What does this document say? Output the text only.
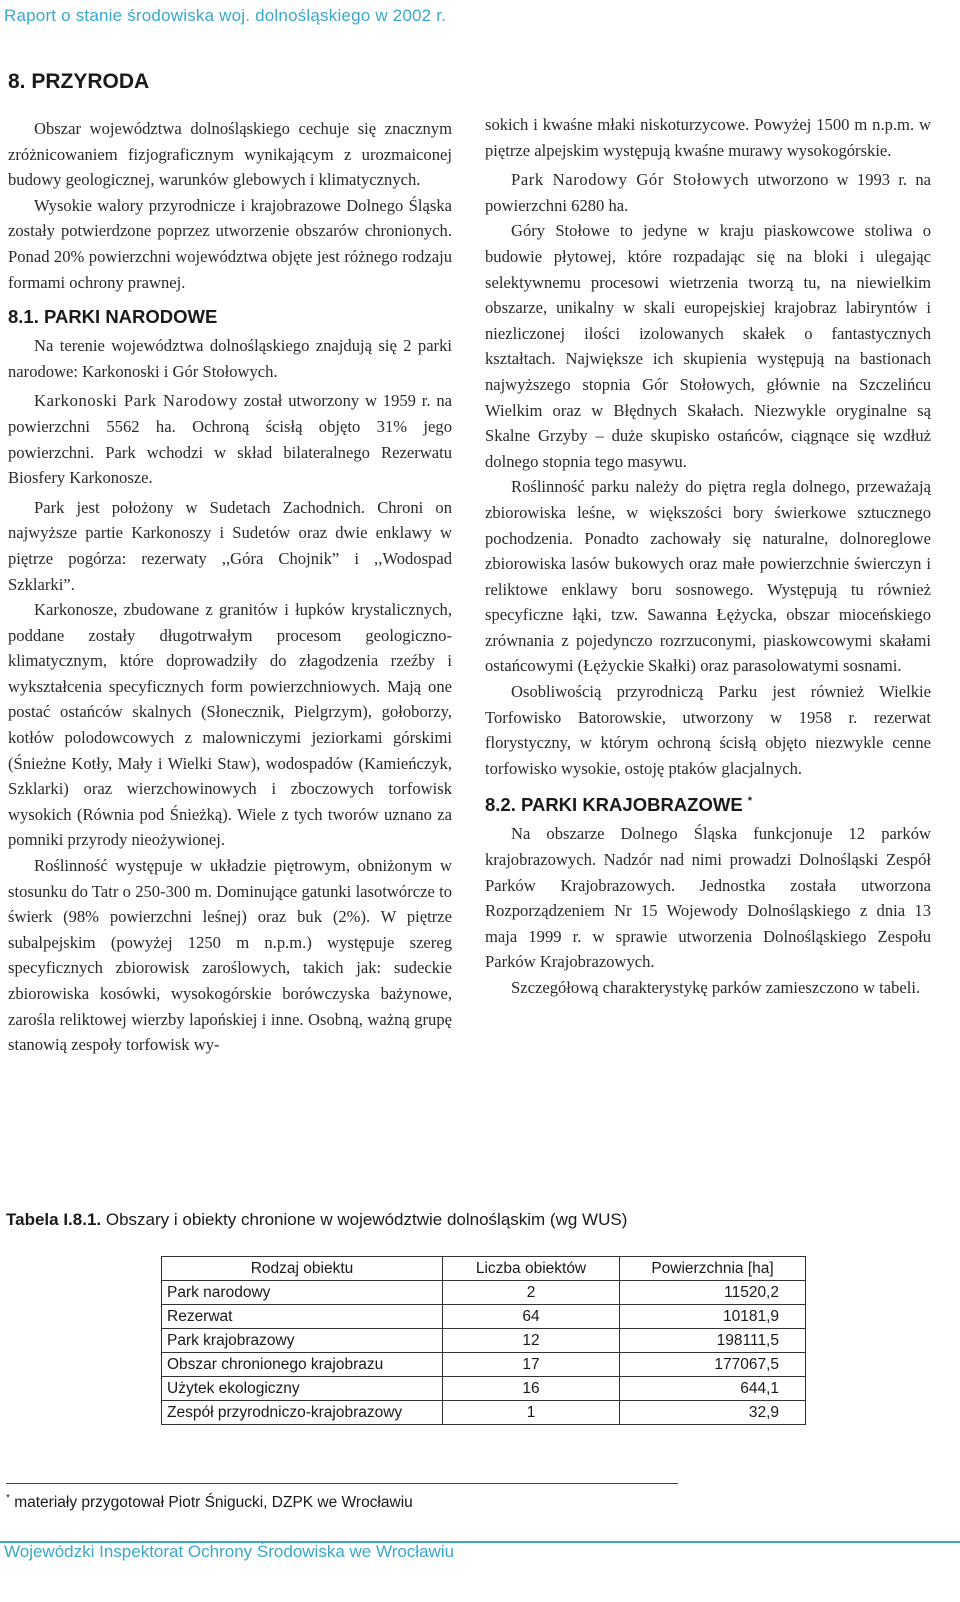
Raport o stanie środowiska woj. dolnośląskiego w 2002 r.
8. PRZYRODA

Obszar województwa dolnośląskiego cechuje się znacznym zróżnicowaniem fizjograficznym wynikającym z urozmaiconej budowy geologicznej, warunków glebowych i klimatycznych.

Wysokie walory przyrodnicze i krajobrazowe Dolnego Śląska zostały potwierdzone poprzez utworzenie obszarów chronionych. Ponad 20% powierzchni województwa objęte jest różnego rodzaju formami ochrony prawnej.

8.1. PARKI NARODOWE

Na terenie województwa dolnośląskiego znajdują się 2 parki narodowe: Karkonoski i Gór Stołowych.

Karkonoski Park Narodowy został utworzony w 1959 r. na powierzchni 5562 ha. Ochroną ścisłą objęto 31% jego powierzchni. Park wchodzi w skład bilateralnego Rezerwatu Biosfery Karkonosze.

Park jest położony w Sudetach Zachodnich. Chroni on najwyższe partie Karkonoszy i Sudetów oraz dwie enklawy w piętrze pogórza: rezerwaty ,,Góra Chojnik” i ,,Wodospad Szklarki”.

Karkonosze, zbudowane z granitów i łupków krystalicznych, poddane zostały długotrwałym procesom geologiczno-klimatycznym, które doprowadziły do złagodzenia rzeźby i wykształcenia specyficznych form powierzchniowych. Mają one postać ostańców skalnych (Słonecznik, Pielgrzym), gołoborzy, kotłów polodowcowych z malowniczymi jeziorkami górskimi (Śnieżne Kotły, Mały i Wielki Staw), wodospadów (Kamieńczyk, Szklarki) oraz wierzchowinowych i zboczowych torfowisk wysokich (Równia pod Śnieżką). Wiele z tych tworów uznano za pomniki przyrody nieożywionej.

Roślinność występuje w układzie piętrowym, obniżonym w stosunku do Tatr o 250-300 m. Dominujące gatunki lasotwórcze to świerk (98% powierzchni leśnej) oraz buk (2%). W piętrze subalpejskim (powyżej 1250 m n.p.m.) występuje szereg specyficznych zbiorowisk zaroślowych, takich jak: sudeckie zbiorowiska kosówki, wysokogórskie borówczyska bażynowe, zarośla reliktowej wierzby lapońskiej i inne. Osobną, ważną grupę stanowią zespoły torfowisk wy-

sokich i kwaśne młaki niskoturzycowe. Powyżej 1500 m n.p.m. w piętrze alpejskim występują kwaśne murawy wysokogórskie.

Park Narodowy Gór Stołowych utworzono w 1993 r. na powierzchni 6280 ha.

Góry Stołowe to jedyne w kraju piaskowcowe stoliwa o budowie płytowej, które rozpadając się na bloki i ulegając selektywnemu procesowi wietrzenia tworzą tu, na niewielkim obszarze, unikalny w skali europejskiej krajobraz labiryntów i niezliczonej ilości izolowanych skałek o fantastycznych kształtach. Największe ich skupienia występują na bastionach najwyższego stopnia Gór Stołowych, głównie na Szczelińcu Wielkim oraz w Błędnych Skałach. Niezwykle oryginalne są Skalne Grzyby – duże skupisko ostańców, ciągnące się wzdłuż dolnego stopnia tego masywu.

Roślinność parku należy do piętra regla dolnego, przeważają zbiorowiska leśne, w większości bory świerkowe sztucznego pochodzenia. Ponadto zachowały się naturalne, dolnoreglowe zbiorowiska lasów bukowych oraz małe powierzchnie świerczyn i reliktowe enklawy boru sosnowego. Występują tu również specyficzne łąki, tzw. Sawanna Łężycka, obszar mioceńskiego zrównania z pojedynczo rozrzuconymi, piaskowcowymi skałami ostańcowymi (Łężyckie Skałki) oraz parasolowatymi sosnami.

Osobliwością przyrodniczą Parku jest również Wielkie Torfowisko Batorowskie, utworzony w 1958 r. rezerwat florystyczny, w którym ochroną ścisłą objęto niezwykle cenne torfowisko wysokie, ostoję ptaków glacjalnych.

8.2. PARKI KRAJOBRAZOWE *

Na obszarze Dolnego Śląska funkcjonuje 12 parków krajobrazowych. Nadzór nad nimi prowadzi Dolnośląski Zespół Parków Krajobrazowych. Jednostka została utworzona Rozporządzeniem Nr 15 Wojewody Dolnośląskiego z dnia 13 maja 1999 r. w sprawie utworzenia Dolnośląskiego Zespołu Parków Krajobrazowych.

Szczegółową charakterystykę parków zamieszczono w tabeli.

Tabela I.8.1. Obszary i obiekty chronione w województwie dolnośląskim (wg WUS)
Rodzaj obiektu	Liczba obiektów	Powierzchnia [ha]
Park narodowy	2	11520,2
Rezerwat	64	10181,9
Park krajobrazowy	12	198111,5
Obszar chronionego krajobrazu	17	177067,5
Użytek ekologiczny	16	644,1
Zespół przyrodniczo-krajobrazowy	1	32,9
* materiały przygotował Piotr Śnigucki, DZPK we Wrocławiu
Wojewódzki Inspektorat Ochrony Środowiska we Wrocławiu
